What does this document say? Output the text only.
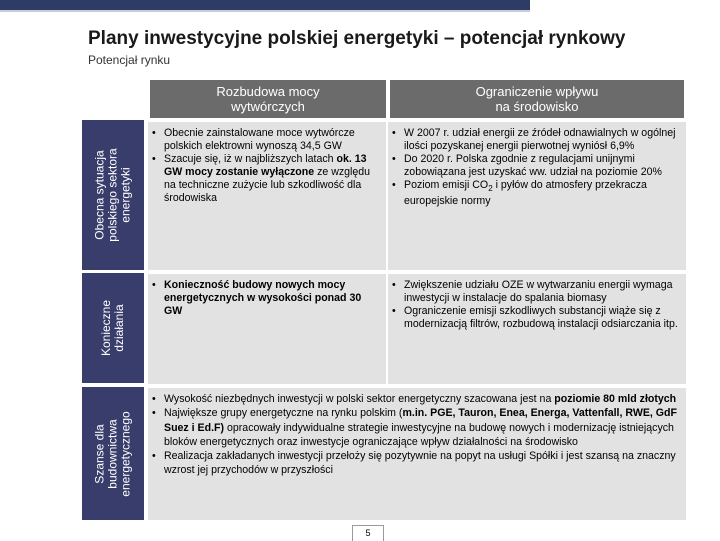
Plany inwestycyjne polskiej energetyki – potencjał rynkowy
Potencjał rynku
Rozbudowa mocy
wytwórczych
Ograniczenie wpływu
na środowisko
Obecna sytuacja polskiego sektora energetyki
Konieczne działania
Szanse dla budownictwa energetycznego
• Obecnie zainstalowane moce wytwórcze polskich elektrowni wynoszą 34,5 GW
• Szacuje się, iż w najbliższych latach ok. 13 GW mocy zostanie wyłączone ze względu na techniczne zużycie lub szkodliwość dla środowiska
• W 2007 r. udział energii ze źródeł odnawialnych w ogólnej ilości pozyskanej energii pierwotnej wyniósł 6,9%
• Do 2020 r. Polska zgodnie z regulacjami unijnymi zobowiązana jest uzyskać ww. udział na poziomie 20%
• Poziom emisji $CO_2$ i pyłów do atmosfery przekracza europejskie normy
• Konieczność budowy nowych mocy energetycznych w wysokości ponad 30 GW
• Zwiększenie udziału OZE w wytwarzaniu energii wymaga inwestycji w instalacje do spalania biomasy
• Ograniczenie emisji szkodliwych substancji wiąże się z modernizacją filtrów, rozbudową instalacji odsiarczania itp.
• Wysokość niezbędnych inwestycji w polski sektor energetyczny szacowana jest na poziomie 80 mld złotych
• Największe grupy energetyczne na rynku polskim (m.in. PGE, Tauron, Enea, Energa, Vattenfall, RWE, GdF Suez i Ed.F) opracowały indywidualne strategie inwestycyjne na budowę nowych i modernizację istniejących bloków energetycznych oraz inwestycje ograniczające wpływ działalności na środowisko
• Realizacja zakładanych inwestycji przełoży się pozytywnie na popyt na usługi Spółki i jest szansą na znaczny wzrost jej przychodów w przyszłości
5
